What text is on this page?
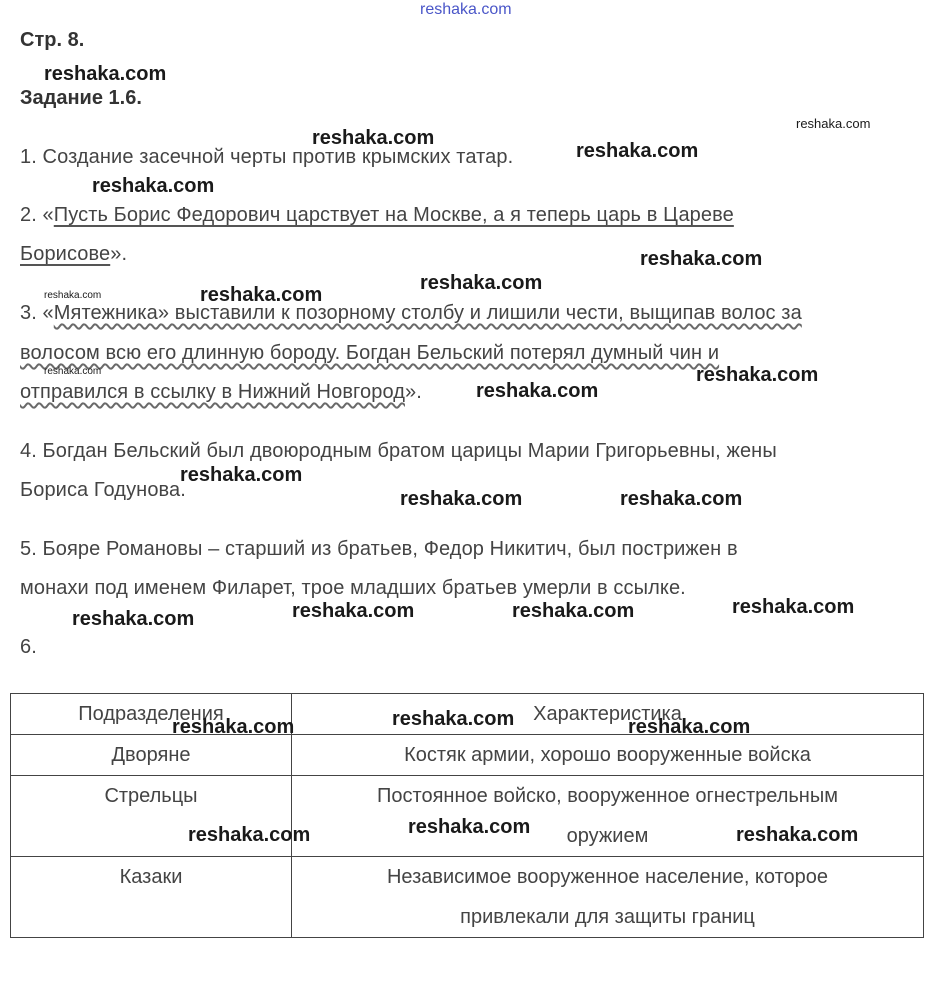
reshaka.com
Стр. 8.
Задание 1.6.
1. Создание засечной черты против крымских татар.
2. «Пусть Борис Федорович царствует на Москве, а я теперь царь в Цареве
Борисове».
3. «Мятежника» выставили к позорному столбу и лишили чести, выщипав волос за
волосом всю его длинную бороду. Богдан Бельский потерял думный чин и
отправился в ссылку в Нижний Новгород».
4. Богдан Бельский был двоюродным братом царицы Марии Григорьевны, жены
Бориса Годунова.
5. Бояре Романовы – старший из братьев, Федор Никитич, был пострижен в
монахи под именем Филарет, трое младших братьев умерли в ссылке.
6.
Подразделения	Характеристика
Дворяне	Костяк армии, хорошо вооруженные войска

Стрельцы	Постоянное войско, вооруженное огнестрельным
оружием

Казаки	Независимое вооруженное население, которое
привлекали для защиты границ
reshaka.com
reshaka.com
reshaka.com
reshaka.com
reshaka.com
reshaka.com
reshaka.com
reshaka.com	reshaka.com
reshaka.com	reshaka.com
reshaka.com
reshaka.com
reshaka.com	reshaka.com
reshaka.com
reshaka.com	reshaka.com
reshaka.com
reshaka.com
reshaka.com	reshaka.com
reshaka.com
reshaka.com	reshaka.com
